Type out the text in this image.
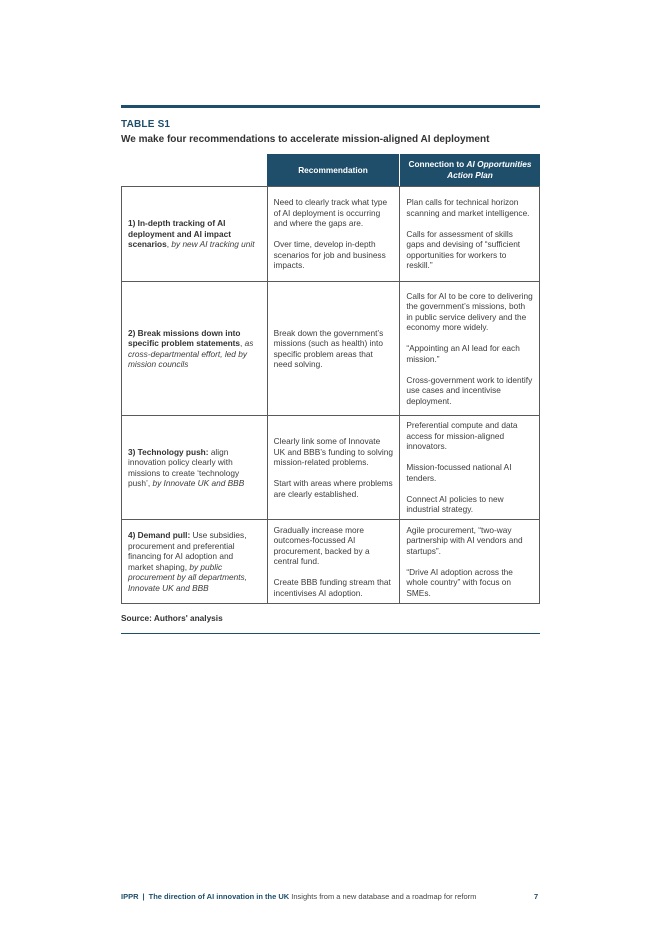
TABLE S1
We make four recommendations to accelerate mission-aligned AI deployment
Recommendation
Connection to AI Opportunities Action Plan

1) In-depth tracking of AI deployment and AI impact scenarios, by new AI tracking unit

Need to clearly track what type of AI deployment is occurring and where the gaps are.

Over time, develop in-depth scenarios for job and business impacts.

Plan calls for technical horizon scanning and market intelligence.

Calls for assessment of skills gaps and devising of “sufficient opportunities for workers to reskill.”

2) Break missions down into specific problem statements, as cross-departmental effort, led by mission councils

Break down the government’s missions (such as health) into specific problem areas that need solving.

Calls for AI to be core to delivering the government’s missions, both in public service delivery and the economy more widely.

“Appointing an AI lead for each mission.”

Cross-government work to identify use cases and incentivise deployment.

3) Technology push: align innovation policy clearly with missions to create ‘technology push’, by Innovate UK and BBB

Clearly link some of Innovate UK and BBB’s funding to solving mission-related problems.

Start with areas where problems are clearly established.

Preferential compute and data access for mission-aligned innovators.

Mission-focussed national AI tenders.

Connect AI policies to new industrial strategy.

4) Demand pull: Use subsidies, procurement and preferential financing for AI adoption and market shaping, by public procurement by all departments, Innovate UK and BBB

Gradually increase more outcomes-focussed AI procurement, backed by a central fund.

Create BBB funding stream that incentivises AI adoption.

Agile procurement, “two-way partnership with AI vendors and startups”.

“Drive AI adoption across the whole country” with focus on SMEs.

Source: Authors' analysis
IPPR | The direction of AI innovation in the UK Insights from a new database and a roadmap for reform	7
